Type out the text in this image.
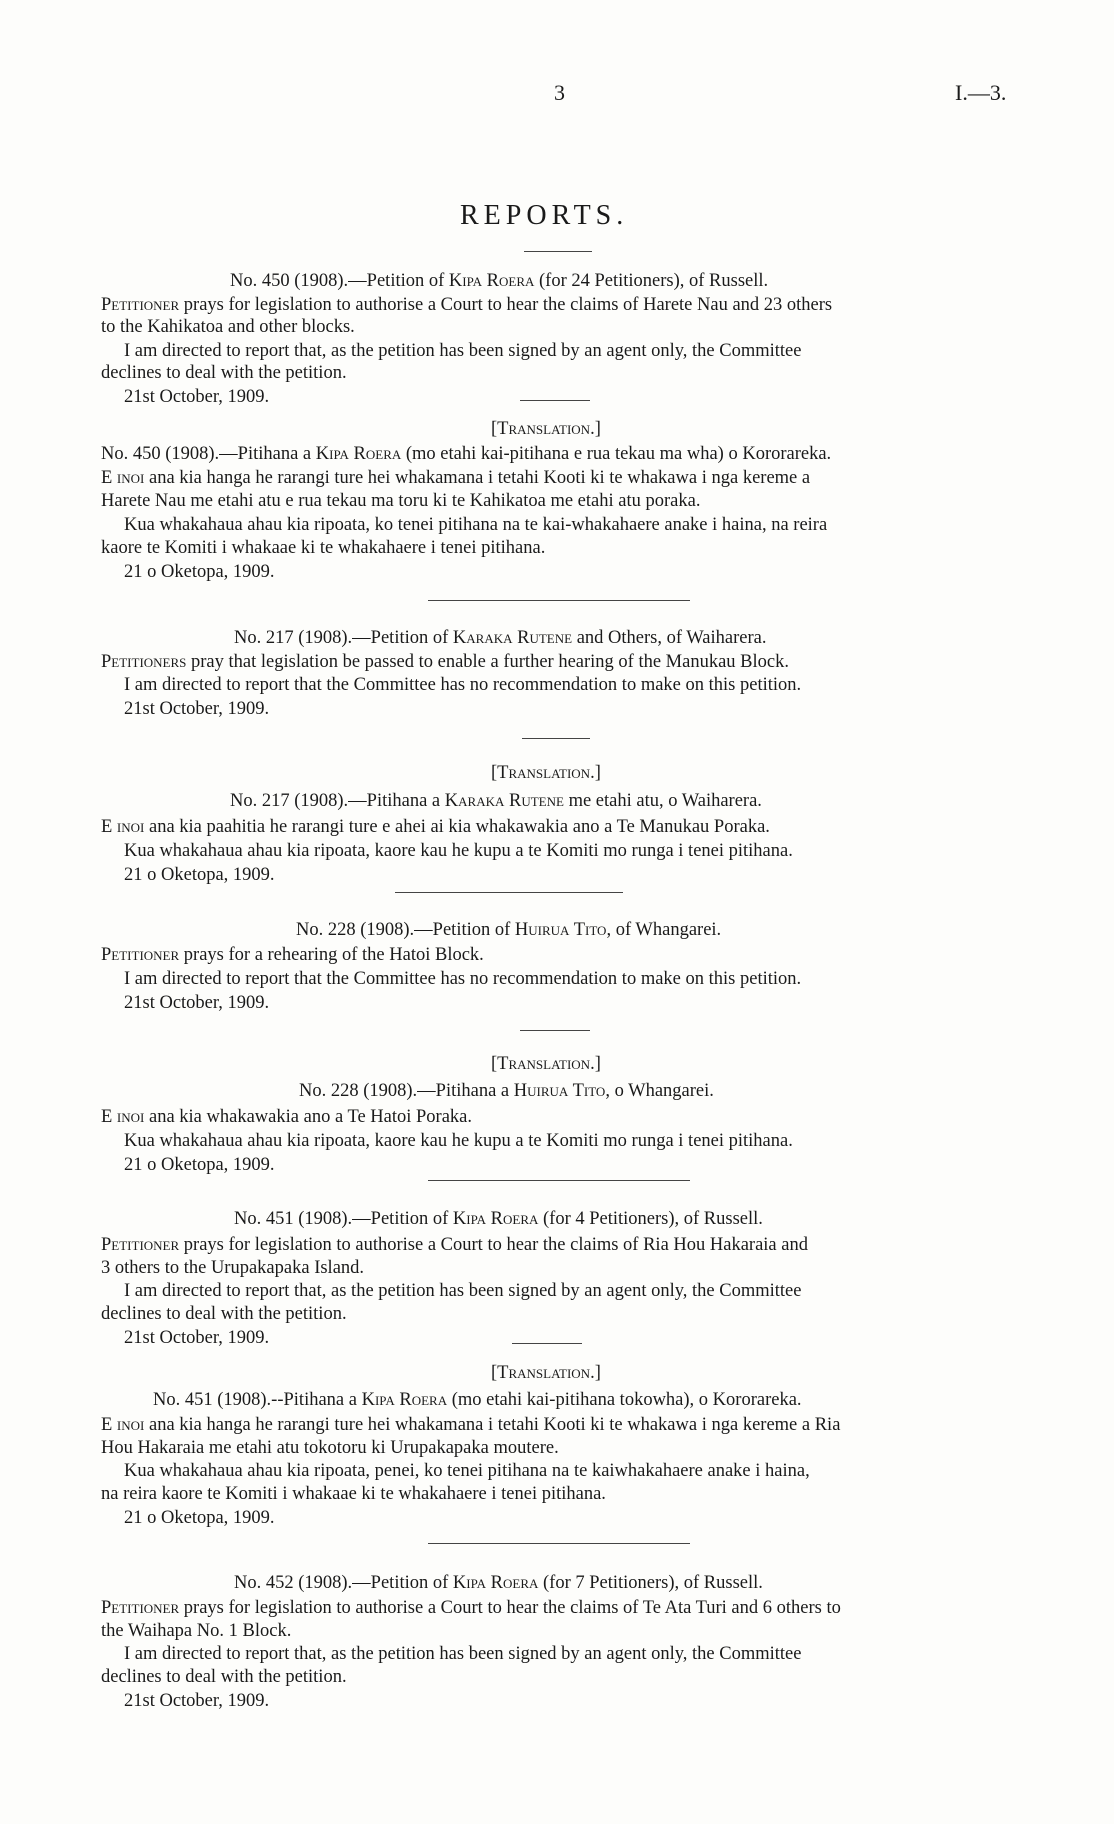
3	I.—3.
REPORTS.
No. 450 (1908).—Petition of Kipa Roera (for 24 Petitioners), of Russell.
Petitioner prays for legislation to authorise a Court to hear the claims of Harete Nau and 23 others
to the Kahikatoa and other blocks.
I am directed to report that, as the petition has been signed by an agent only, the Committee
declines to deal with the petition.
21st October, 1909.
[Translation.]
No. 450 (1908).—Pitihana a Kipa Roera (mo etahi kai-pitihana e rua tekau ma wha) o Kororareka.
E inoi ana kia hanga he rarangi ture hei whakamana i tetahi Kooti ki te whakawa i nga kereme a
Harete Nau me etahi atu e rua tekau ma toru ki te Kahikatoa me etahi atu poraka.
Kua whakahaua ahau kia ripoata, ko tenei pitihana na te kai-whakahaere anake i haina, na reira
kaore te Komiti i whakaae ki te whakahaere i tenei pitihana.
21 o Oketopa, 1909.
No. 217 (1908).—Petition of Karaka Rutene and Others, of Waiharera.
Petitioners pray that legislation be passed to enable a further hearing of the Manukau Block.
I am directed to report that the Committee has no recommendation to make on this petition.
21st October, 1909.
[Translation.]
No. 217 (1908).—Pitihana a Karaka Rutene me etahi atu, o Waiharera.
E inoi ana kia paahitia he rarangi ture e ahei ai kia whakawakia ano a Te Manukau Poraka.
Kua whakahaua ahau kia ripoata, kaore kau he kupu a te Komiti mo runga i tenei pitihana.
21 o Oketopa, 1909.
No. 228 (1908).—Petition of Huirua Tito, of Whangarei.
Petitioner prays for a rehearing of the Hatoi Block.
I am directed to report that the Committee has no recommendation to make on this petition.
21st October, 1909.
[Translation.]
No. 228 (1908).—Pitihana a Huirua Tito, o Whangarei.
E inoi ana kia whakawakia ano a Te Hatoi Poraka.
Kua whakahaua ahau kia ripoata, kaore kau he kupu a te Komiti mo runga i tenei pitihana.
21 o Oketopa, 1909.
No. 451 (1908).—Petition of Kipa Roera (for 4 Petitioners), of Russell.
Petitioner prays for legislation to authorise a Court to hear the claims of Ria Hou Hakaraia and
3 others to the Urupakapaka Island.
I am directed to report that, as the petition has been signed by an agent only, the Committee
declines to deal with the petition.
21st October, 1909.
[Translation.]
No. 451 (1908).--Pitihana a Kipa Roera (mo etahi kai-pitihana tokowha), o Kororareka.
E inoi ana kia hanga he rarangi ture hei whakamana i tetahi Kooti ki te whakawa i nga kereme a Ria
Hou Hakaraia me etahi atu tokotoru ki Urupakapaka moutere.
Kua whakahaua ahau kia ripoata, penei, ko tenei pitihana na te kaiwhakahaere anake i haina,
na reira kaore te Komiti i whakaae ki te whakahaere i tenei pitihana.
21 o Oketopa, 1909.
No. 452 (1908).—Petition of Kipa Roera (for 7 Petitioners), of Russell.
Petitioner prays for legislation to authorise a Court to hear the claims of Te Ata Turi and 6 others to
the Waihapa No. 1 Block.
I am directed to report that, as the petition has been signed by an agent only, the Committee
declines to deal with the petition.
21st October, 1909.
